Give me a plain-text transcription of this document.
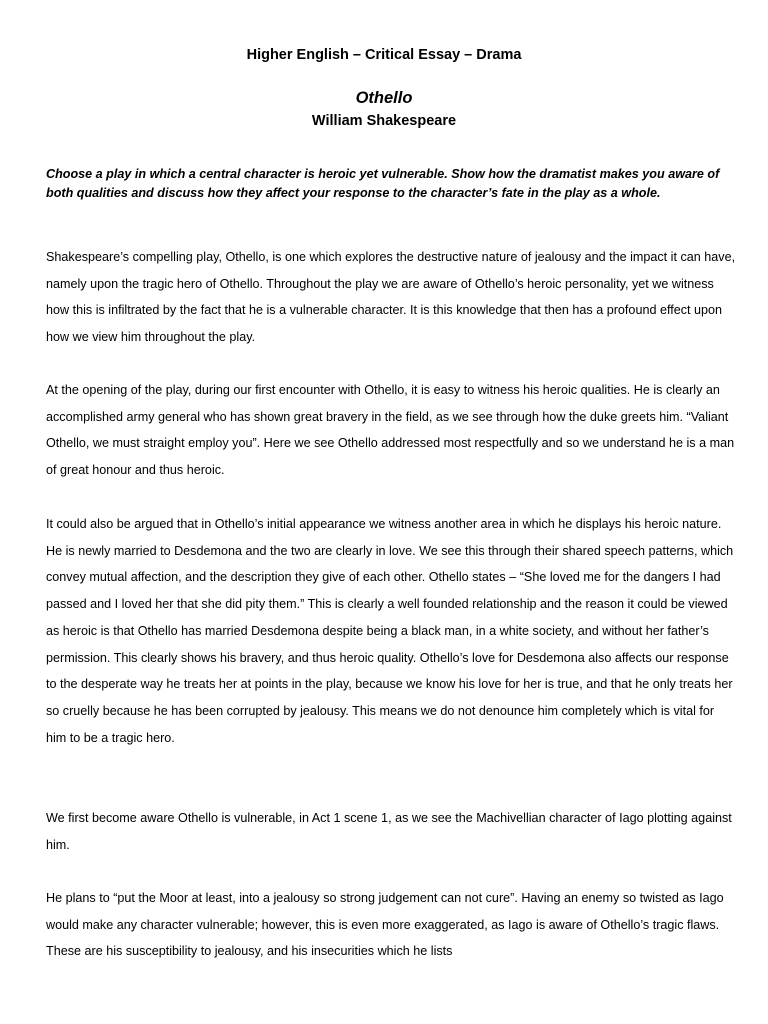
Higher English – Critical Essay – Drama
Othello
William Shakespeare

Choose a play in which a central character is heroic yet vulnerable. Show how the dramatist makes you aware of both qualities and discuss how they affect your response to the character’s fate in the play as a whole.

Shakespeare’s compelling play, Othello, is one which explores the destructive nature of jealousy and the impact it can have, namely upon the tragic hero of Othello. Throughout the play we are aware of Othello’s heroic personality, yet we witness how this is infiltrated by the fact that he is a vulnerable character. It is this knowledge that then has a profound effect upon how we view him throughout the play.

At the opening of the play, during our first encounter with Othello, it is easy to witness his heroic qualities. He is clearly an accomplished army general who has shown great bravery in the field, as we see through how the duke greets him. “Valiant Othello, we must straight employ you”. Here we see Othello addressed most respectfully and so we understand he is a man of great honour and thus heroic.

It could also be argued that in Othello’s initial appearance we witness another area in which he displays his heroic nature. He is newly married to Desdemona and the two are clearly in love. We see this through their shared speech patterns, which convey mutual affection, and the description they give of each other. Othello states – “She loved me for the dangers I had passed and I loved her that she did pity them.” This is clearly a well founded relationship and the reason it could be viewed as heroic is that Othello has married Desdemona despite being a black man, in a white society, and without her father’s permission. This clearly shows his bravery, and thus heroic quality. Othello’s love for Desdemona also affects our response to the desperate way he treats her at points in the play, because we know his love for her is true, and that he only treats her so cruelly because he has been corrupted by jealousy. This means we do not denounce him completely which is vital for him to be a tragic hero.

We first become aware Othello is vulnerable, in Act 1 scene 1, as we see the Machivellian character of Iago plotting against him.

He plans to “put the Moor at least, into a jealousy so strong judgement can not cure”. Having an enemy so twisted as Iago would make any character vulnerable; however, this is even more exaggerated, as Iago is aware of Othello’s tragic flaws. These are his susceptibility to jealousy, and his insecurities which he lists
